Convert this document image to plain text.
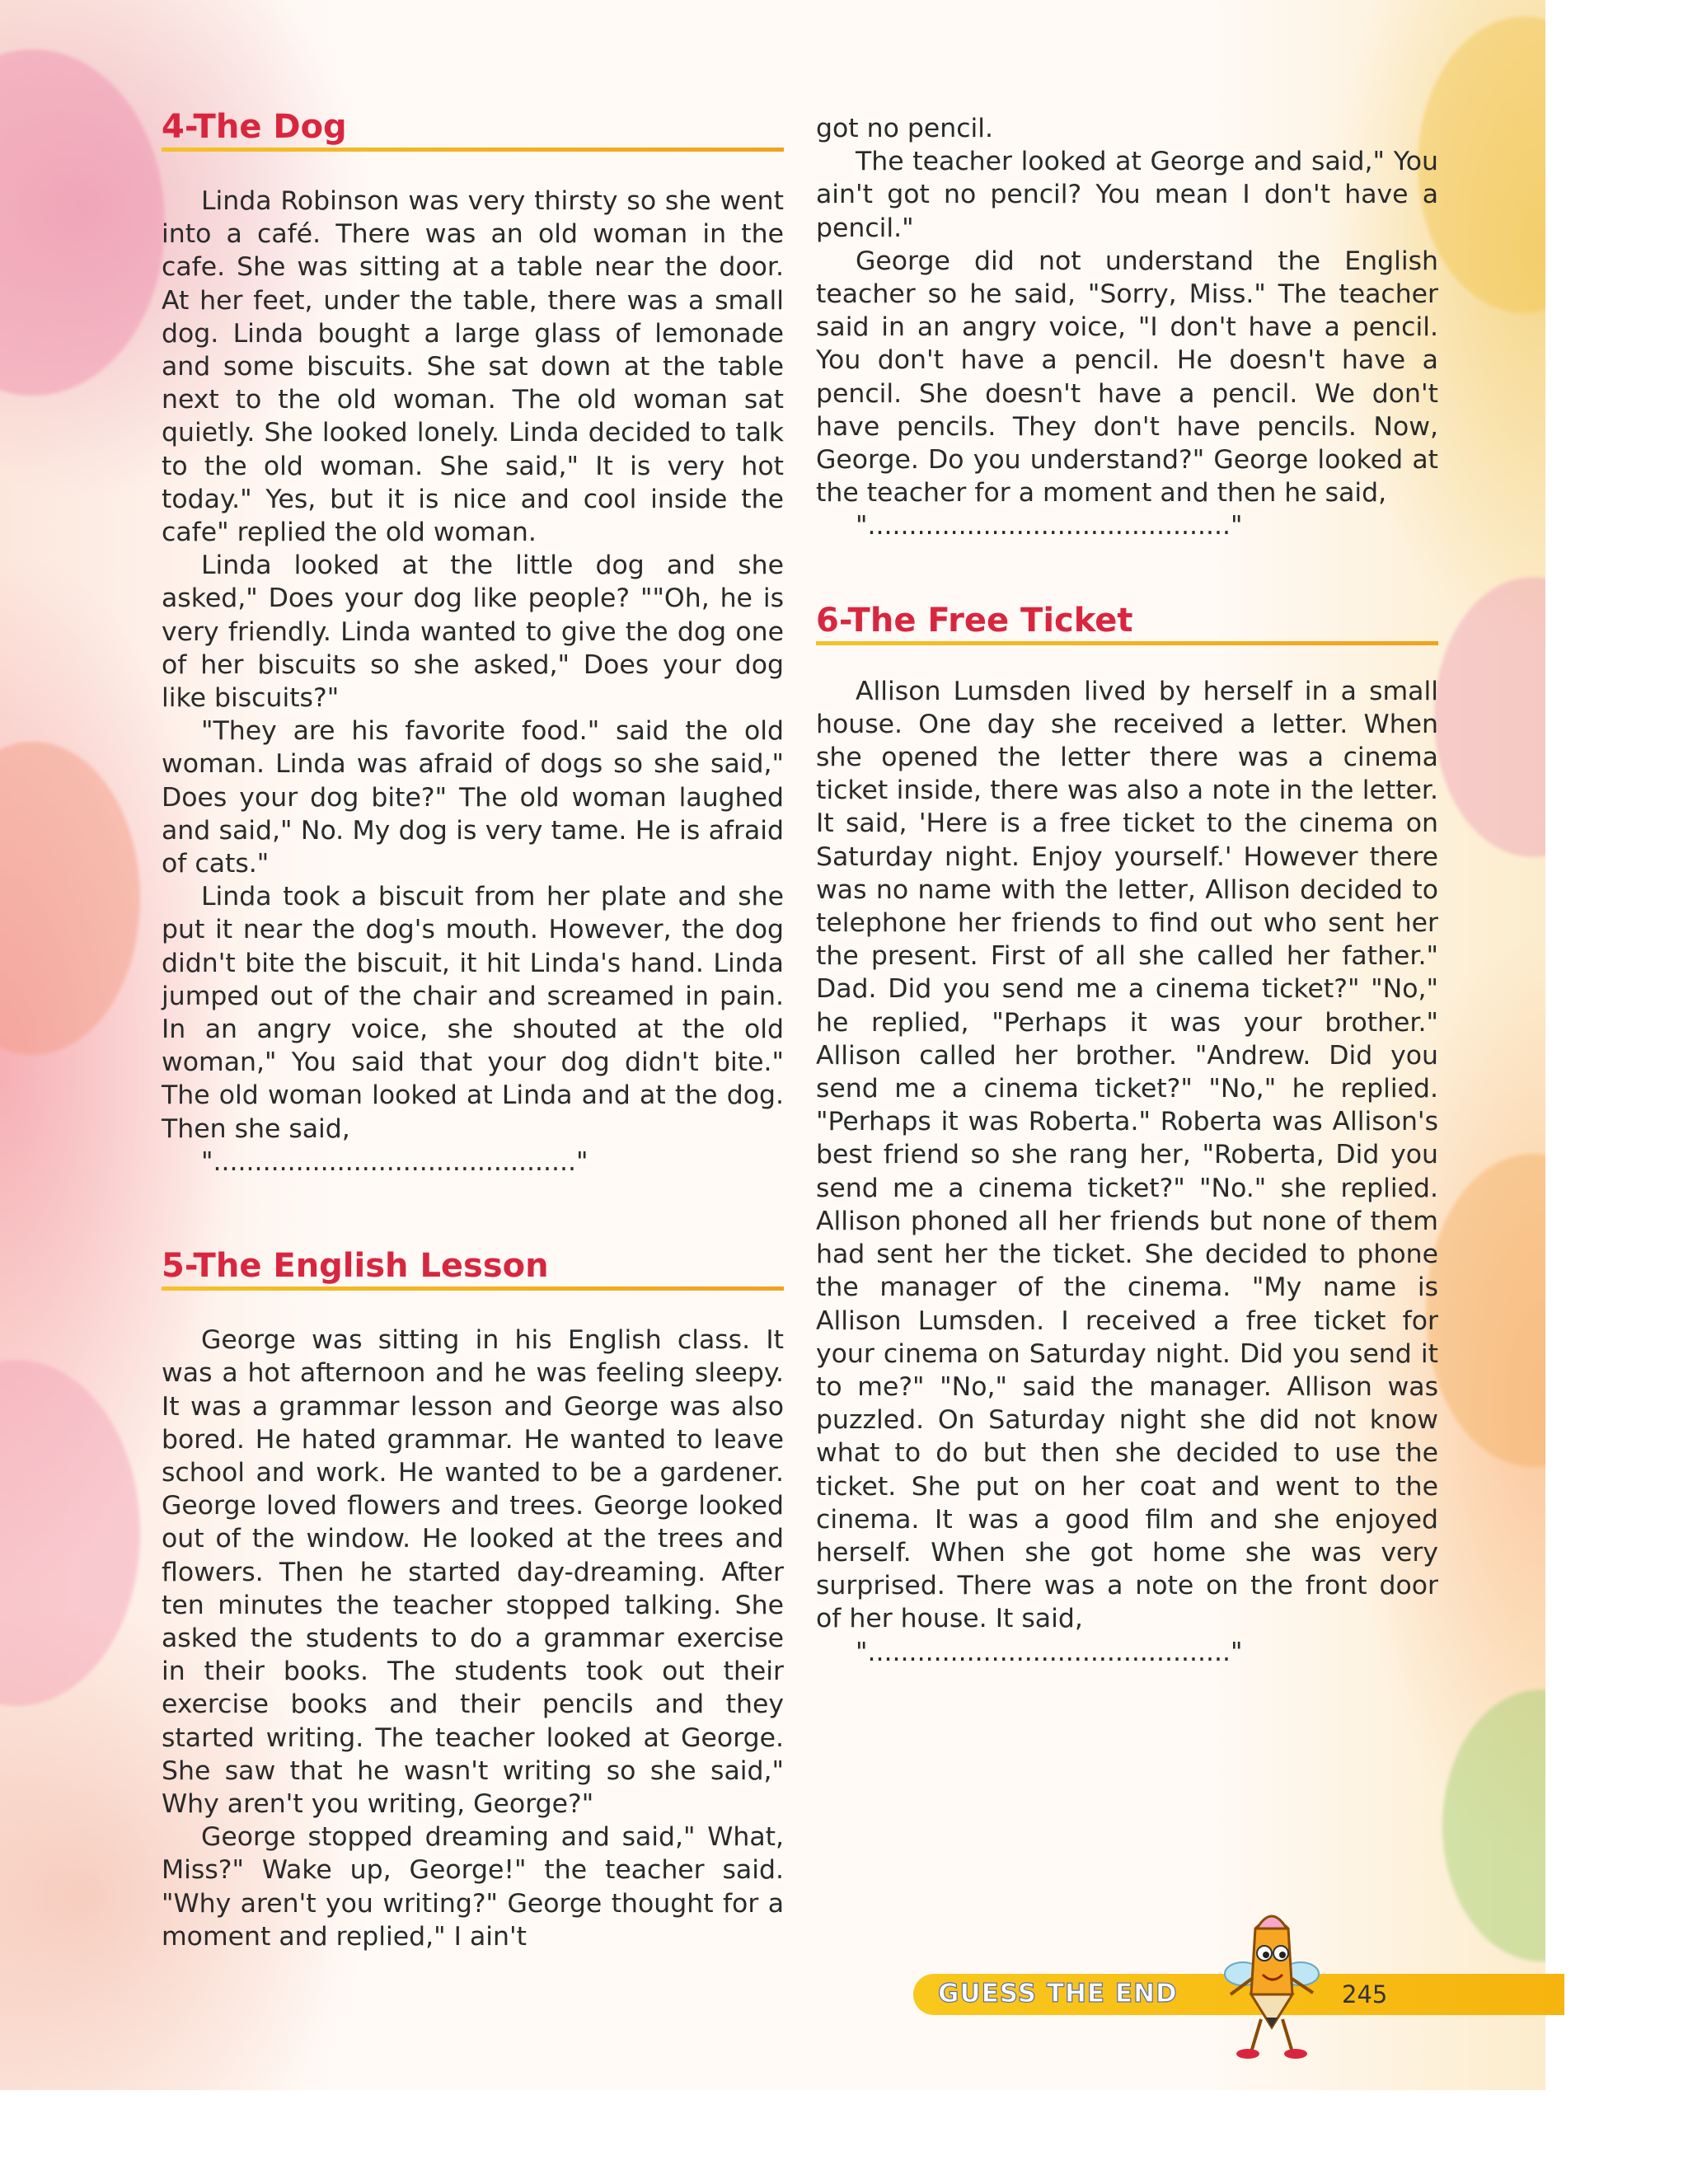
4-The Dog

Linda Robinson was very thirsty so she went into a café. There was an old woman in the cafe. She was sitting at a table near the door. At her feet, under the table, there was a small dog. Linda bought a large glass of lemonade and some biscuits. She sat down at the table next to the old woman. The old woman sat quietly. She looked lonely. Linda decided to talk to the old woman. She said," It is very hot today." Yes, but it is nice and cool inside the cafe" replied the old woman.

Linda looked at the little dog and she asked," Does your dog like people? ""Oh, he is very friendly. Linda wanted to give the dog one of her biscuits so she asked," Does your dog like biscuits?"

"They are his favorite food." said the old woman. Linda was afraid of dogs so she said," Does your dog bite?" The old woman laughed and said," No. My dog is very tame. He is afraid of cats."

Linda took a biscuit from her plate and she put it near the dog's mouth. However, the dog didn't bite the biscuit, it hit Linda's hand. Linda jumped out of the chair and screamed in pain. In an angry voice, she shouted at the old woman," You said that your dog didn't bite." The old woman looked at Linda and at the dog. Then she said,

"............................................"

5-The English Lesson

George was sitting in his English class. It was a hot afternoon and he was feeling sleepy. It was a grammar lesson and George was also bored. He hated grammar. He wanted to leave school and work. He wanted to be a gardener. George loved flowers and trees. George looked out of the window. He looked at the trees and flowers. Then he started day-dreaming. After ten minutes the teacher stopped talking. She asked the students to do a grammar exercise in their books. The students took out their exercise books and their pencils and they started writing. The teacher looked at George. She saw that he wasn't writing so she said," Why aren't you writing, George?"

George stopped dreaming and said," What, Miss?" Wake up, George!" the teacher said. "Why aren't you writing?" George thought for a moment and replied," I ain't

got no pencil.

The teacher looked at George and said," You ain't got no pencil? You mean I don't have a pencil."

George did not understand the English teacher so he said, "Sorry, Miss." The teacher said in an angry voice, "I don't have a pencil. You don't have a pencil. He doesn't have a pencil. She doesn't have a pencil. We don't have pencils. They don't have pencils. Now, George. Do you understand?" George looked at the teacher for a moment and then he said,

"............................................"

6-The Free Ticket

Allison Lumsden lived by herself in a small house. One day she received a letter. When she opened the letter there was a cinema ticket inside, there was also a note in the letter. It said, 'Here is a free ticket to the cinema on Saturday night. Enjoy yourself.' However there was no name with the letter, Allison decided to telephone her friends to find out who sent her the present. First of all she called her father." Dad. Did you send me a cinema ticket?" "No," he replied, "Perhaps it was your brother." Allison called her brother. "Andrew. Did you send me a cinema ticket?" "No," he replied. "Perhaps it was Roberta." Roberta was Allison's best friend so she rang her, "Roberta, Did you send me a cinema ticket?" "No." she replied. Allison phoned all her friends but none of them had sent her the ticket. She decided to phone the manager of the cinema. "My name is Allison Lumsden. I received a free ticket for your cinema on Saturday night. Did you send it to me?" "No," said the manager. Allison was puzzled. On Saturday night she did not know what to do but then she decided to use the ticket. She put on her coat and went to the cinema. It was a good film and she enjoyed herself. When she got home she was very surprised. There was a note on the front door of her house. It said,

"............................................"

GUESS THE END	245
